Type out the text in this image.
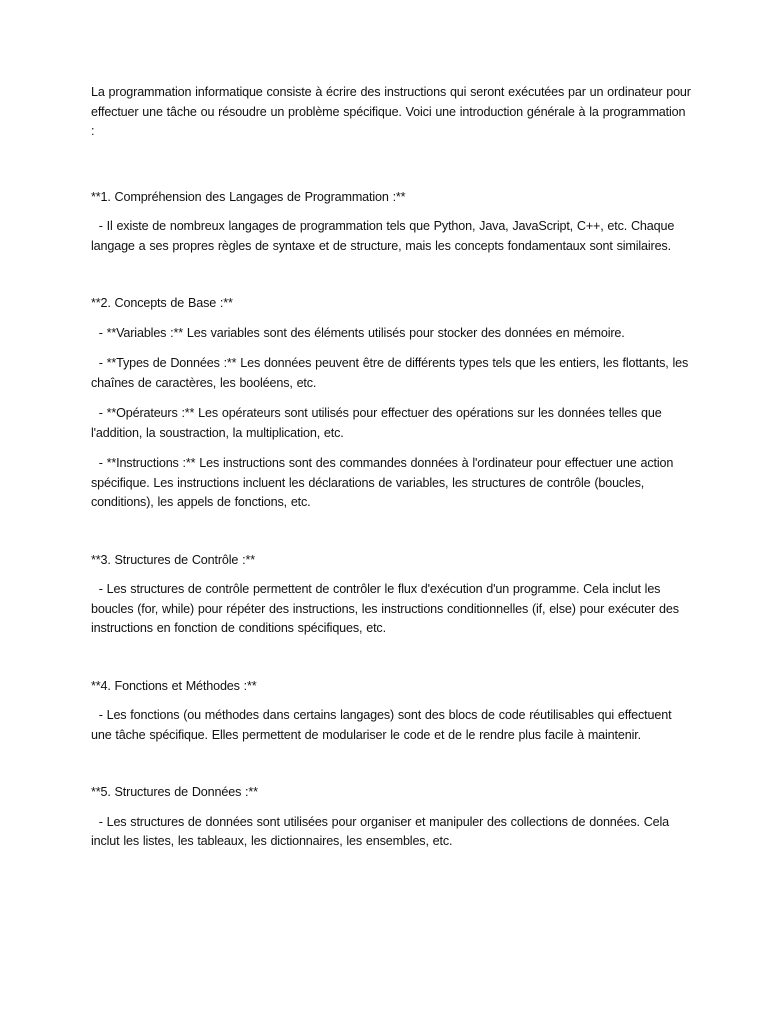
La programmation informatique consiste à écrire des instructions qui seront exécutées par un ordinateur pour effectuer une tâche ou résoudre un problème spécifique. Voici une introduction générale à la programmation :

**1. Compréhension des Langages de Programmation :**

- Il existe de nombreux langages de programmation tels que Python, Java, JavaScript, C++, etc. Chaque langage a ses propres règles de syntaxe et de structure, mais les concepts fondamentaux sont similaires.

**2. Concepts de Base :**

- **Variables :** Les variables sont des éléments utilisés pour stocker des données en mémoire.

- **Types de Données :** Les données peuvent être de différents types tels que les entiers, les flottants, les chaînes de caractères, les booléens, etc.

- **Opérateurs :** Les opérateurs sont utilisés pour effectuer des opérations sur les données telles que l'addition, la soustraction, la multiplication, etc.

- **Instructions :** Les instructions sont des commandes données à l'ordinateur pour effectuer une action spécifique. Les instructions incluent les déclarations de variables, les structures de contrôle (boucles, conditions), les appels de fonctions, etc.

**3. Structures de Contrôle :**

- Les structures de contrôle permettent de contrôler le flux d'exécution d'un programme. Cela inclut les boucles (for, while) pour répéter des instructions, les instructions conditionnelles (if, else) pour exécuter des instructions en fonction de conditions spécifiques, etc.

**4. Fonctions et Méthodes :**

- Les fonctions (ou méthodes dans certains langages) sont des blocs de code réutilisables qui effectuent une tâche spécifique. Elles permettent de modulariser le code et de le rendre plus facile à maintenir.

**5. Structures de Données :**

- Les structures de données sont utilisées pour organiser et manipuler des collections de données. Cela inclut les listes, les tableaux, les dictionnaires, les ensembles, etc.
